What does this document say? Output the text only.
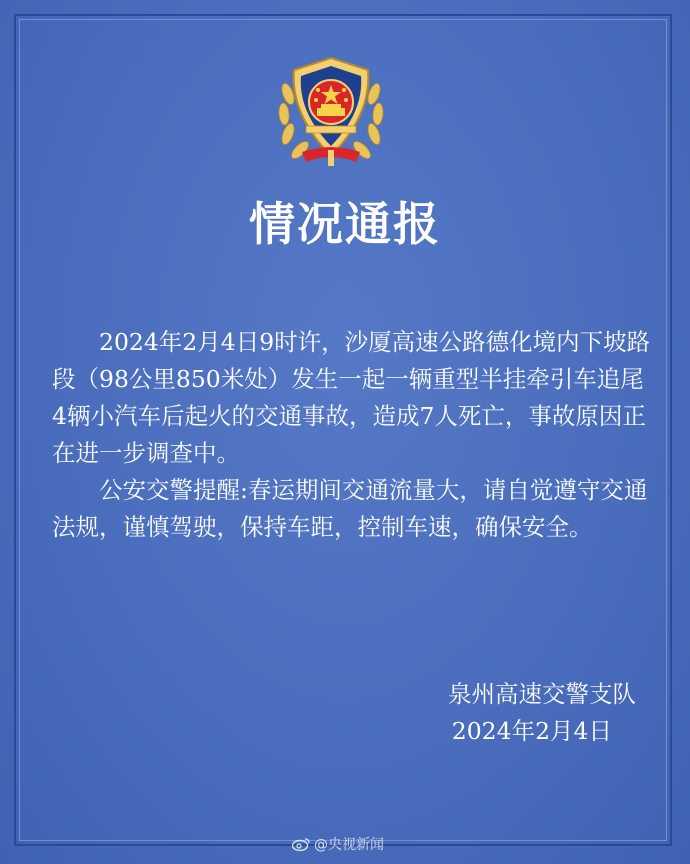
情况通报

2024年2月4日9时许，沙厦高速公路德化境内下坡路段（98公里850米处）发生一起一辆重型半挂牵引车追尾4辆小汽车后起火的交通事故，造成7人死亡，事故原因正在进一步调查中。

公安交警提醒:春运期间交通流量大，请自觉遵守交通法规，谨慎驾驶，保持车距，控制车速，确保安全。

泉州高速交警支队
2024年2月4日
@央视新闻
